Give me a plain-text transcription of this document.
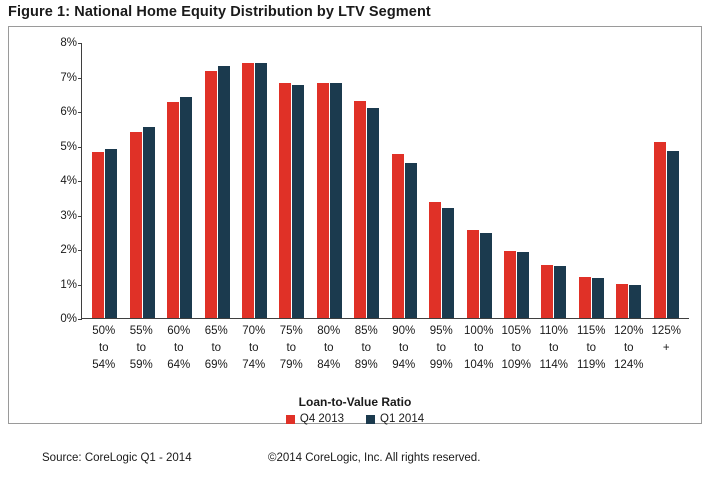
Figure 1: National Home Equity Distribution by LTV Segment
8%
7%
6%
5%
4%
3%
2%
1%
0%
50%
to
54%
55%
to
59%
60%
to
64%
65%
to
69%
70%
to
74%
75%
to
79%
80%
to
84%
85%
to
89%
90%
to
94%
95%
to
99%
100%
to
104%
105%
to
109%
110%
to
114%
115%
to
119%
120%
to
124%
125%
+
Loan-to-Value Ratio
Q4 2013	Q1 2014
Source: CoreLogic Q1 - 2014	©2014 CoreLogic, Inc. All rights reserved.
